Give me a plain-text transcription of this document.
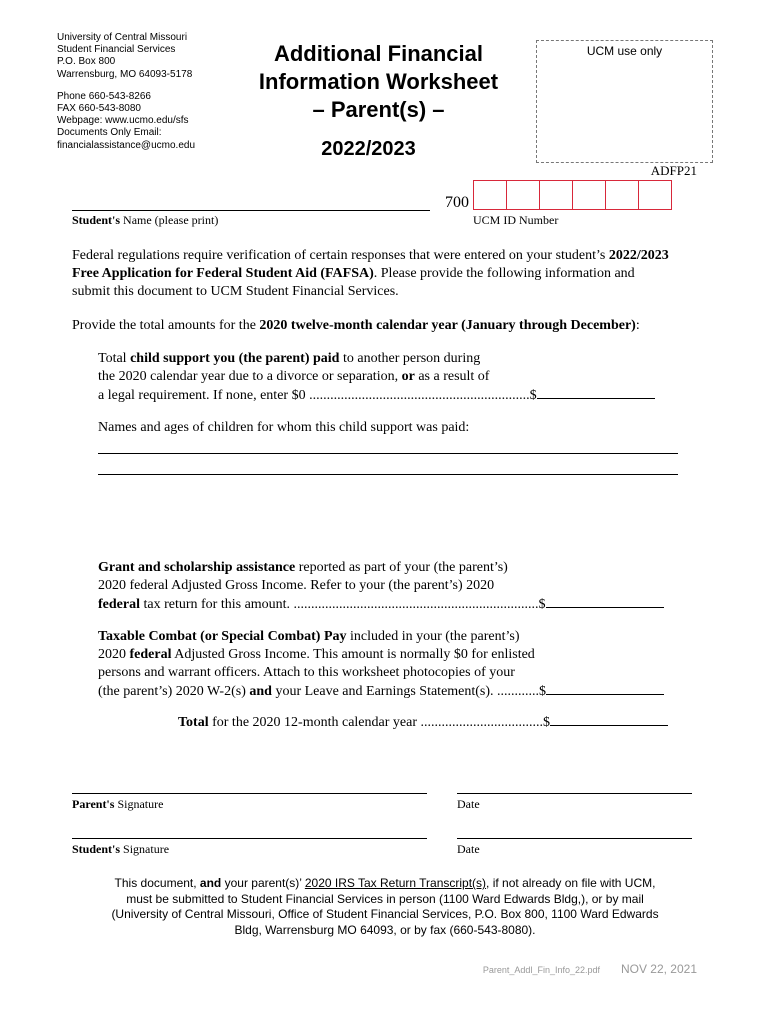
University of Central Missouri
Student Financial Services
P.O. Box 800
Warrensburg, MO 64093-5178
Phone 660-543-8266
FAX 660-543-8080
Webpage: www.ucmo.edu/sfs
Documents Only Email:
financialassistance@ucmo.edu
Additional Financial
Information Worksheet
– Parent(s) –
2022/2023
UCM use only
ADFP21
Student's Name (please print)
700
UCM ID Number
Federal regulations require verification of certain responses that were entered on your student’s 2022/2023
Free Application for Federal Student Aid (FAFSA). Please provide the following information and
submit this document to UCM Student Financial Services.
Provide the total amounts for the 2020 twelve-month calendar year (January through December):
Total child support you (the parent) paid to another person during
the 2020 calendar year due to a divorce or separation, or as a result of
a legal requirement. If none, enter $0 ...............................................................$
Names and ages of children for whom this child support was paid:
Grant and scholarship assistance reported as part of your (the parent’s)
2020 federal Adjusted Gross Income. Refer to your (the parent’s) 2020
federal tax return for this amount. ......................................................................$
Taxable Combat (or Special Combat) Pay included in your (the parent’s)
2020 federal Adjusted Gross Income. This amount is normally $0 for enlisted
persons and warrant officers. Attach to this worksheet photocopies of your
(the parent’s) 2020 W-2(s) and your Leave and Earnings Statement(s). ............$
Total for the 2020 12-month calendar year ...................................$
Parent's Signature	Date
Student's Signature	Date
This document, and your parent(s)’ 2020 IRS Tax Return Transcript(s), if not already on file with UCM,
must be submitted to Student Financial Services in person (1100 Ward Edwards Bldg,), or by mail
(University of Central Missouri, Office of Student Financial Services, P.O. Box 800, 1100 Ward Edwards
Bldg, Warrensburg MO 64093, or by fax (660-543-8080).
Parent_Addl_Fin_Info_22.pdf NOV 22, 2021
